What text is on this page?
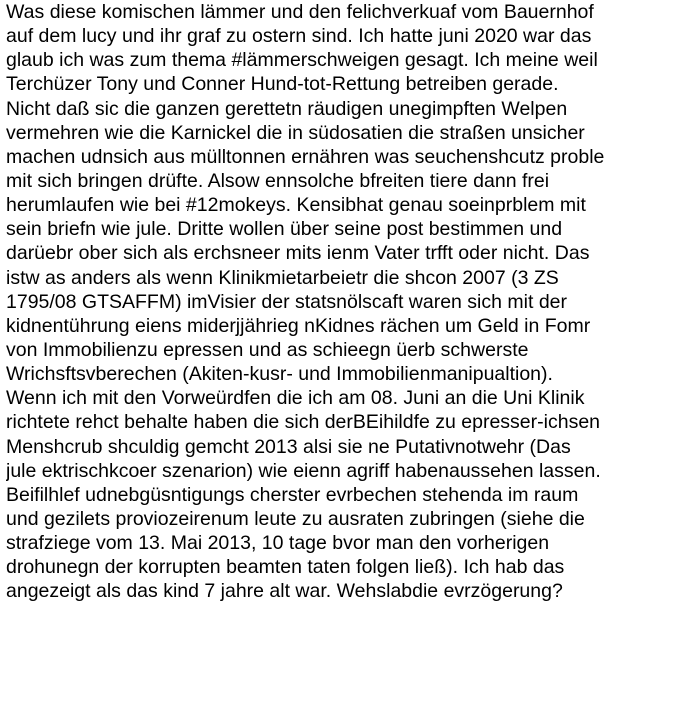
Was diese komischen lämmer und den felichverkuaf vom Bauernhof
auf dem lucy und ihr graf zu ostern sind. Ich hatte juni 2020 war das
glaub ich was zum thema #lämmerschweigen gesagt. Ich meine weil
Terchüzer Tony und Conner Hund-tot-Rettung betreiben gerade.
Nicht daß sic die ganzen gerettetn räudigen unegimpften Welpen
vermehren wie die Karnickel die in südosatien die straßen unsicher
machen udnsich aus mülltonnen ernähren was seuchenshcutz proble
mit sich bringen drüfte. Alsow ennsolche bfreiten tiere dann frei
herumlaufen wie bei #12mokeys. Kensibhat genau soeinprblem mit
sein briefn wie jule. Dritte wollen über seine post bestimmen und
darüebr ober sich als erchsneer mits ienm Vater trfft oder nicht. Das
istw as anders als wenn Klinikmietarbeietr die shcon 2007 (3 ZS
1795/08 GTSAFFM) imVisier der statsnölscaft waren sich mit der
kidnentührung eiens miderjjährieg nKidnes rächen um Geld in Fomr
von Immobilienzu epressen und as schieegn üerb schwerste
Wrichsftsvberechen (Akiten-kusr- und Immobilienmanipualtion).
Wenn ich mit den Vorweürdfen die ich am 08. Juni an die Uni Klinik
richtete rehct behalte haben die sich derBEihildfe zu epresser-ichsen
Menshcrub shculdig gemcht 2013 alsi sie ne Putativnotwehr (Das
jule ektrischkcoer szenarion) wie eienn agriff habenaussehen lassen.
Beifilhlef udnebgüsntigungs cherster evrbechen stehenda im raum
und gezilets proviozeirenum leute zu ausraten zubringen (siehe die
strafziege vom 13. Mai 2013, 10 tage bvor man den vorherigen
drohunegn der korrupten beamten taten folgen ließ). Ich hab das
angezeigt als das kind 7 jahre alt war. Wehslabdie evrzögerung?
